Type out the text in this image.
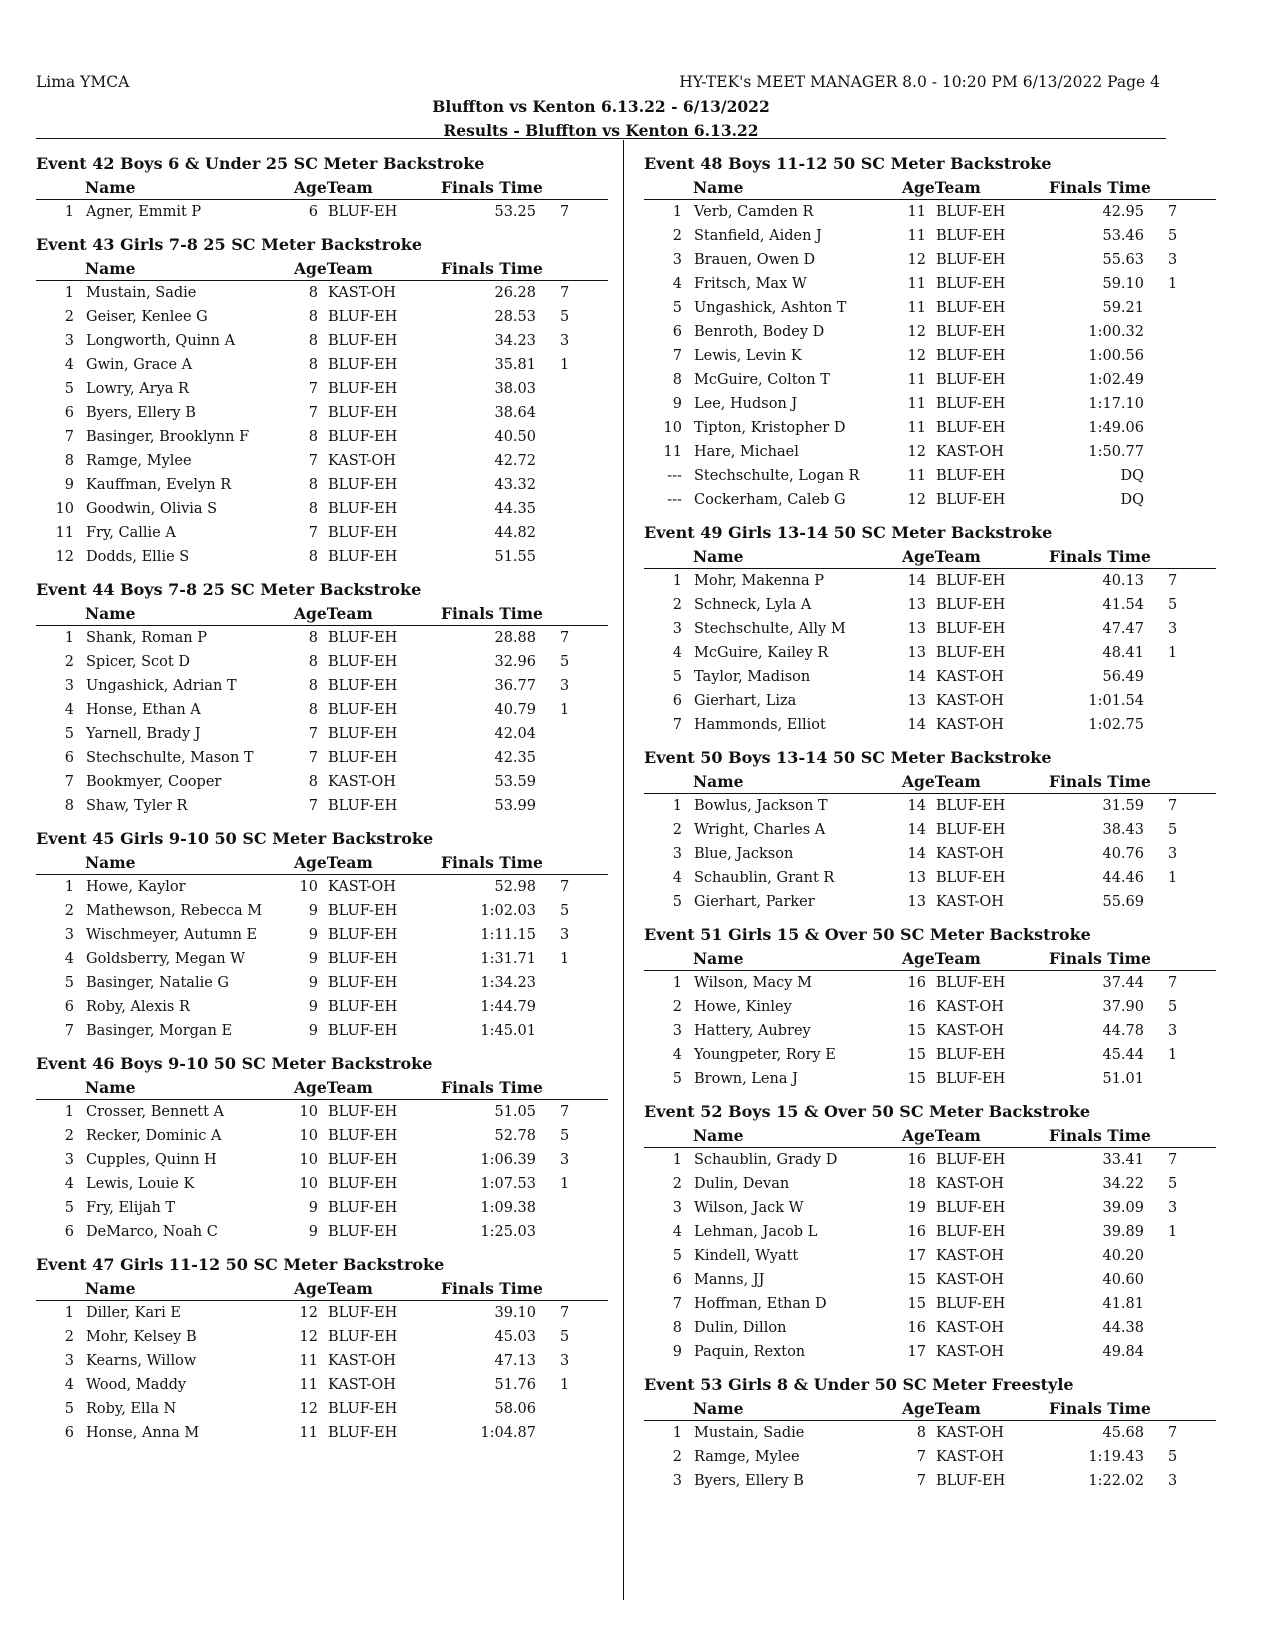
Lima YMCA	HY-TEK's MEET MANAGER 8.0 - 10:20 PM 6/13/2022 Page 4
Bluffton vs Kenton 6.13.22 - 6/13/2022
Results - Bluffton vs Kenton 6.13.22
Event 42 Boys 6 & Under 25 SC Meter Backstroke
Name	AgeTeam	Finals Time
1 Agner, Emmit P	6 BLUF-EH	53.25 7
Event 43 Girls 7-8 25 SC Meter Backstroke
Name	AgeTeam	Finals Time
1 Mustain, Sadie	8 KAST-OH	26.28 7
2 Geiser, Kenlee G	8 BLUF-EH	28.53 5
3 Longworth, Quinn A	8 BLUF-EH	34.23 3
4 Gwin, Grace A	8 BLUF-EH	35.81 1
5 Lowry, Arya R	7 BLUF-EH	38.03
6 Byers, Ellery B	7 BLUF-EH	38.64
7 Basinger, Brooklynn F	8 BLUF-EH	40.50
8 Ramge, Mylee	7 KAST-OH	42.72
9 Kauffman, Evelyn R	8 BLUF-EH	43.32
10 Goodwin, Olivia S	8 BLUF-EH	44.35
11 Fry, Callie A	7 BLUF-EH	44.82
12 Dodds, Ellie S	8 BLUF-EH	51.55
Event 44 Boys 7-8 25 SC Meter Backstroke
Name	AgeTeam	Finals Time
1 Shank, Roman P	8 BLUF-EH	28.88 7
2 Spicer, Scot D	8 BLUF-EH	32.96 5
3 Ungashick, Adrian T	8 BLUF-EH	36.77 3
4 Honse, Ethan A	8 BLUF-EH	40.79 1
5 Yarnell, Brady J	7 BLUF-EH	42.04
6 Stechschulte, Mason T	7 BLUF-EH	42.35
7 Bookmyer, Cooper	8 KAST-OH	53.59
8 Shaw, Tyler R	7 BLUF-EH	53.99
Event 45 Girls 9-10 50 SC Meter Backstroke
Name	AgeTeam	Finals Time
1 Howe, Kaylor	10 KAST-OH	52.98 7
2 Mathewson, Rebecca M	9 BLUF-EH	1:02.03 5
3 Wischmeyer, Autumn E	9 BLUF-EH	1:11.15 3
4 Goldsberry, Megan W	9 BLUF-EH	1:31.71 1
5 Basinger, Natalie G	9 BLUF-EH	1:34.23
6 Roby, Alexis R	9 BLUF-EH	1:44.79
7 Basinger, Morgan E	9 BLUF-EH	1:45.01
Event 46 Boys 9-10 50 SC Meter Backstroke
Name	AgeTeam	Finals Time
1 Crosser, Bennett A	10 BLUF-EH	51.05 7
2 Recker, Dominic A	10 BLUF-EH	52.78 5
3 Cupples, Quinn H	10 BLUF-EH	1:06.39 3
4 Lewis, Louie K	10 BLUF-EH	1:07.53 1
5 Fry, Elijah T	9 BLUF-EH	1:09.38
6 DeMarco, Noah C	9 BLUF-EH	1:25.03
Event 47 Girls 11-12 50 SC Meter Backstroke
Name	AgeTeam	Finals Time
1 Diller, Kari E	12 BLUF-EH	39.10 7
2 Mohr, Kelsey B	12 BLUF-EH	45.03 5
3 Kearns, Willow	11 KAST-OH	47.13 3
4 Wood, Maddy	11 KAST-OH	51.76 1
5 Roby, Ella N	12 BLUF-EH	58.06
6 Honse, Anna M	11 BLUF-EH	1:04.87
Event 48 Boys 11-12 50 SC Meter Backstroke
Name	AgeTeam	Finals Time
1 Verb, Camden R	11 BLUF-EH	42.95 7
2 Stanfield, Aiden J	11 BLUF-EH	53.46 5
3 Brauen, Owen D	12 BLUF-EH	55.63 3
4 Fritsch, Max W	11 BLUF-EH	59.10 1
5 Ungashick, Ashton T	11 BLUF-EH	59.21
6 Benroth, Bodey D	12 BLUF-EH	1:00.32
7 Lewis, Levin K	12 BLUF-EH	1:00.56
8 McGuire, Colton T	11 BLUF-EH	1:02.49
9 Lee, Hudson J	11 BLUF-EH	1:17.10
10 Tipton, Kristopher D	11 BLUF-EH	1:49.06
11 Hare, Michael	12 KAST-OH	1:50.77
--- Stechschulte, Logan R	11 BLUF-EH	DQ
--- Cockerham, Caleb G	12 BLUF-EH	DQ
Event 49 Girls 13-14 50 SC Meter Backstroke
Name	AgeTeam	Finals Time
1 Mohr, Makenna P	14 BLUF-EH	40.13 7
2 Schneck, Lyla A	13 BLUF-EH	41.54 5
3 Stechschulte, Ally M	13 BLUF-EH	47.47 3
4 McGuire, Kailey R	13 BLUF-EH	48.41 1
5 Taylor, Madison	14 KAST-OH	56.49
6 Gierhart, Liza	13 KAST-OH	1:01.54
7 Hammonds, Elliot	14 KAST-OH	1:02.75
Event 50 Boys 13-14 50 SC Meter Backstroke
Name	AgeTeam	Finals Time
1 Bowlus, Jackson T	14 BLUF-EH	31.59 7
2 Wright, Charles A	14 BLUF-EH	38.43 5
3 Blue, Jackson	14 KAST-OH	40.76 3
4 Schaublin, Grant R	13 BLUF-EH	44.46 1
5 Gierhart, Parker	13 KAST-OH	55.69
Event 51 Girls 15 & Over 50 SC Meter Backstroke
Name	AgeTeam	Finals Time
1 Wilson, Macy M	16 BLUF-EH	37.44 7
2 Howe, Kinley	16 KAST-OH	37.90 5
3 Hattery, Aubrey	15 KAST-OH	44.78 3
4 Youngpeter, Rory E	15 BLUF-EH	45.44 1
5 Brown, Lena J	15 BLUF-EH	51.01
Event 52 Boys 15 & Over 50 SC Meter Backstroke
Name	AgeTeam	Finals Time
1 Schaublin, Grady D	16 BLUF-EH	33.41 7
2 Dulin, Devan	18 KAST-OH	34.22 5
3 Wilson, Jack W	19 BLUF-EH	39.09 3
4 Lehman, Jacob L	16 BLUF-EH	39.89 1
5 Kindell, Wyatt	17 KAST-OH	40.20
6 Manns, JJ	15 KAST-OH	40.60
7 Hoffman, Ethan D	15 BLUF-EH	41.81
8 Dulin, Dillon	16 KAST-OH	44.38
9 Paquin, Rexton	17 KAST-OH	49.84
Event 53 Girls 8 & Under 50 SC Meter Freestyle
Name	AgeTeam	Finals Time
1 Mustain, Sadie	8 KAST-OH	45.68 7
2 Ramge, Mylee	7 KAST-OH	1:19.43 5
3 Byers, Ellery B	7 BLUF-EH	1:22.02 3
